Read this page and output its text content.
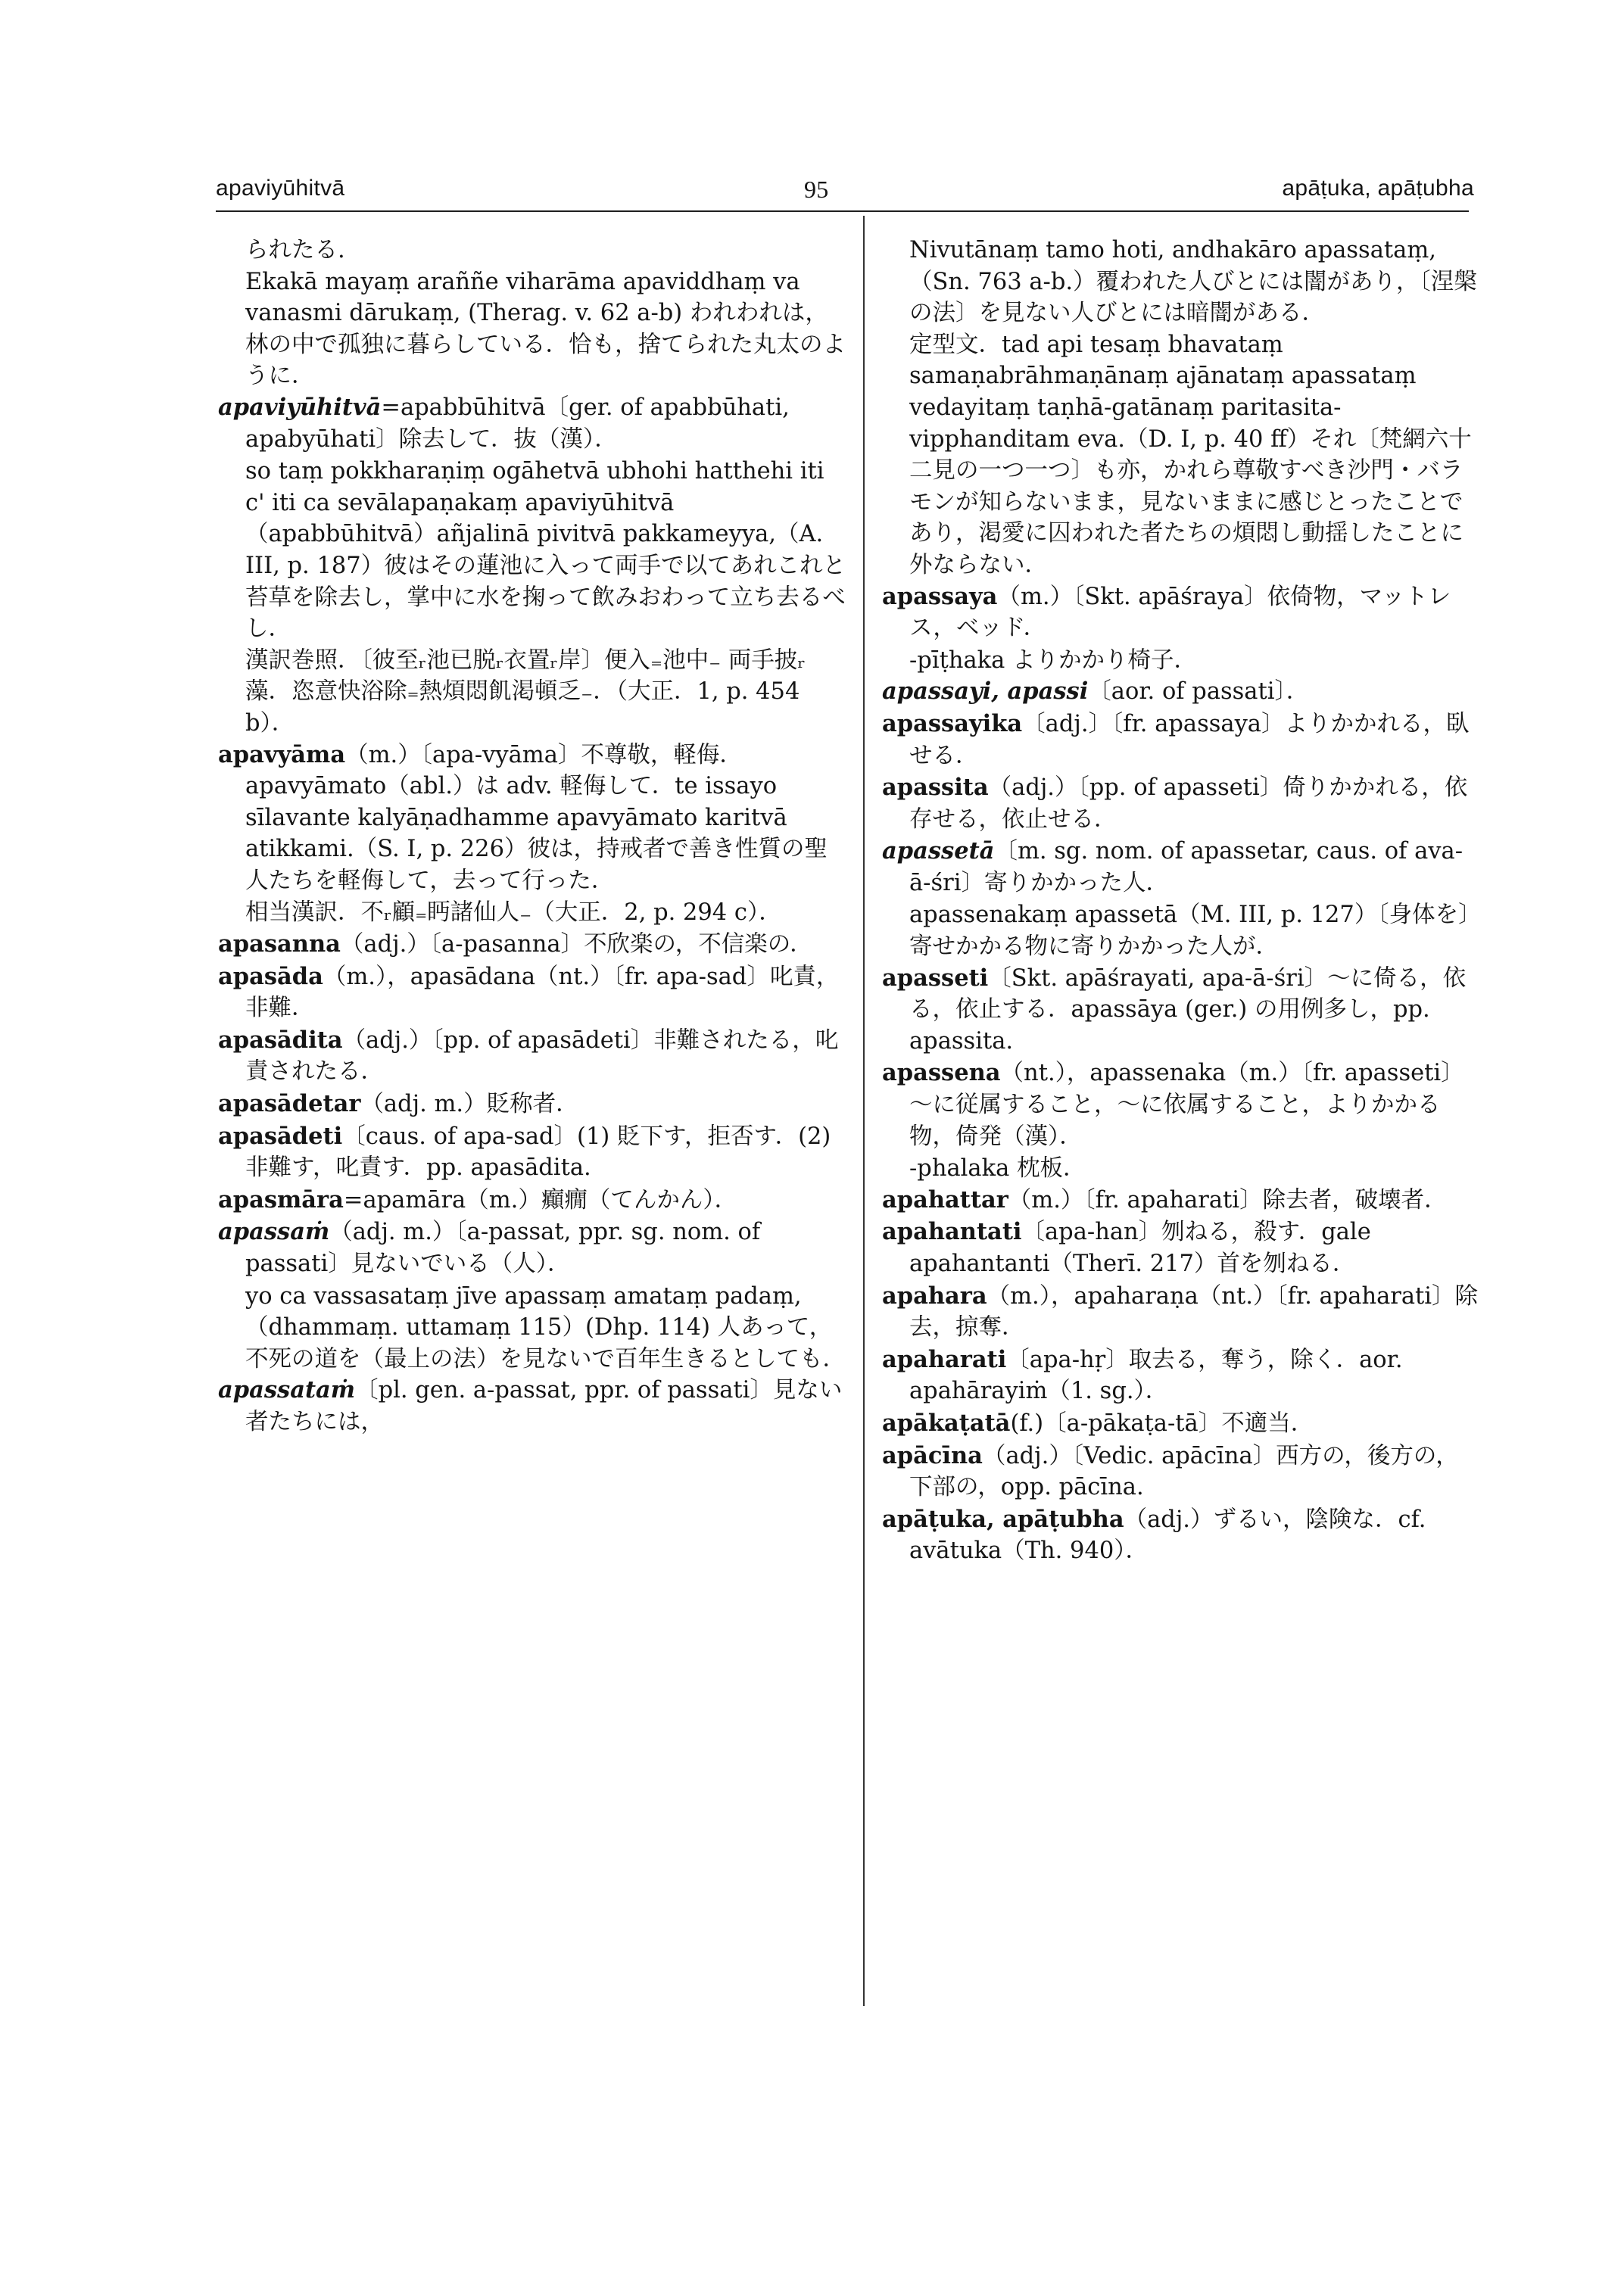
apaviyūhitvā	95	apāṭuka, apāṭubha

られたる.

Ekakā mayaṃ araññe viharāma apaviddhaṃ va vanasmi dārukaṃ, (Therag. v. 62 a-b) われわれは，林の中で孤独に暮らしている．恰も，捨てられた丸太のように．

apaviyūhitvā=apabbūhitvā〔ger. of apabbūhati, apabyūhati〕除去して．抜（漢）．

so taṃ pokkharaṇiṃ ogāhetvā ubhohi hatthehi iti c' iti ca sevālapaṇakaṃ apaviyūhitvā（apabbūhitvā）añjalinā pivitvā pakkameyya,（A. III, p. 187）彼はその蓮池に入って両手で以てあれこれと苔草を除去し，掌中に水を掬って飲みおわって立ち去るべし．

漢訳巻照．〔彼至ᵣ池已脱ᵣ衣置ᵣ岸〕便入₌池中₋ 両手披ᵣ藻．恣意快浴除₌熱煩悶飢渇頓乏₋．（大正．1, p. 454 b）．

apavyāma（m.）〔apa-vyāma〕不尊敬，軽侮．apavyāmato（abl.）は adv. 軽侮して．te issayo sīlavante kalyāṇadhamme apavyāmato karitvā atikkami.（S. I, p. 226）彼は，持戒者で善き性質の聖人たちを軽侮して，去って行った．

相当漢訳．不ᵣ顧₌眄諸仙人₋（大正．2, p. 294 c）．

apasanna（adj.）〔a-pasanna〕不欣楽の，不信楽の．

apasāda（m.），apasādana（nt.）〔fr. apa-sad〕叱責，非難．

apasādita（adj.）〔pp. of apasādeti〕非難されたる，叱責されたる．

apasādetar（adj. m.）貶称者．

apasādeti〔caus. of apa-sad〕(1) 貶下す，拒否す．(2) 非難す，叱責す．pp. apasādita.

apasmāra=apamāra（m.）癲癇（てんかん）．

apassaṁ（adj. m.）〔a-passat, ppr. sg. nom. of passati〕見ないでいる（人）．

yo ca vassasataṃ jīve apassaṃ amataṃ padaṃ,（dhammaṃ. uttamaṃ 115）(Dhp. 114) 人あって，不死の道を（最上の法）を見ないで百年生きるとしても．

apassataṁ〔pl. gen. a-passat, ppr. of passati〕見ない者たちには，

Nivutānaṃ tamo hoti, andhakāro apassataṃ,（Sn. 763 a-b.）覆われた人びとには闇があり，〔涅槃の法〕を見ない人びとには暗闇がある．

定型文．tad api tesaṃ bhavataṃ samaṇabrāhmaṇānaṃ ajānataṃ apassataṃ vedayitaṃ taṇhā-gatānaṃ paritasita-vipphanditam eva.（D. I, p. 40 ff）それ〔梵網六十二見の一つ一つ〕も亦，かれら尊敬すべき沙門・バラモンが知らないまま，見ないままに感じとったことであり，渇愛に囚われた者たちの煩悶し動揺したことに外ならない．

apassaya（m.）〔Skt. apāśraya〕依倚物，マットレス，ベッド．

-pīṭhaka よりかかり椅子．

apassayi, apassi〔aor. of passati〕．

apassayika〔adj.〕〔fr. apassaya〕よりかかれる，臥せる．

apassita（adj.）〔pp. of apasseti〕倚りかかれる，依存せる，依止せる．

apassetā〔m. sg. nom. of apassetar, caus. of ava-ā-śri〕寄りかかった人．

apassenakaṃ apassetā（M. III, p. 127）〔身体を〕寄せかかる物に寄りかかった人が．

apasseti〔Skt. apāśrayati, apa-ā-śri〕～に倚る，依る，依止する．apassāya (ger.) の用例多し，pp. apassita.

apassena（nt.），apassenaka（m.）〔fr. apasseti〕～に従属すること，～に依属すること，よりかかる物，倚発（漢）．

-phalaka 枕板．

apahattar（m.）〔fr. apaharati〕除去者，破壊者．

apahantati〔apa-han〕刎ねる，殺す．gale apahantanti（Therī. 217）首を刎ねる．

apahara（m.），apaharaṇa（nt.）〔fr. apaharati〕除去，掠奪．

apaharati〔apa-hṛ〕取去る，奪う，除く．aor. apahārayiṁ（1. sg.）．

apākaṭatā(f.)〔a-pākaṭa-tā〕不適当．

apācīna（adj.）〔Vedic. apācīna〕西方の，後方の，下部の，opp. pācīna.

apāṭuka, apāṭubha（adj.）ずるい，陰険な．cf. avātuka（Th. 940）．
